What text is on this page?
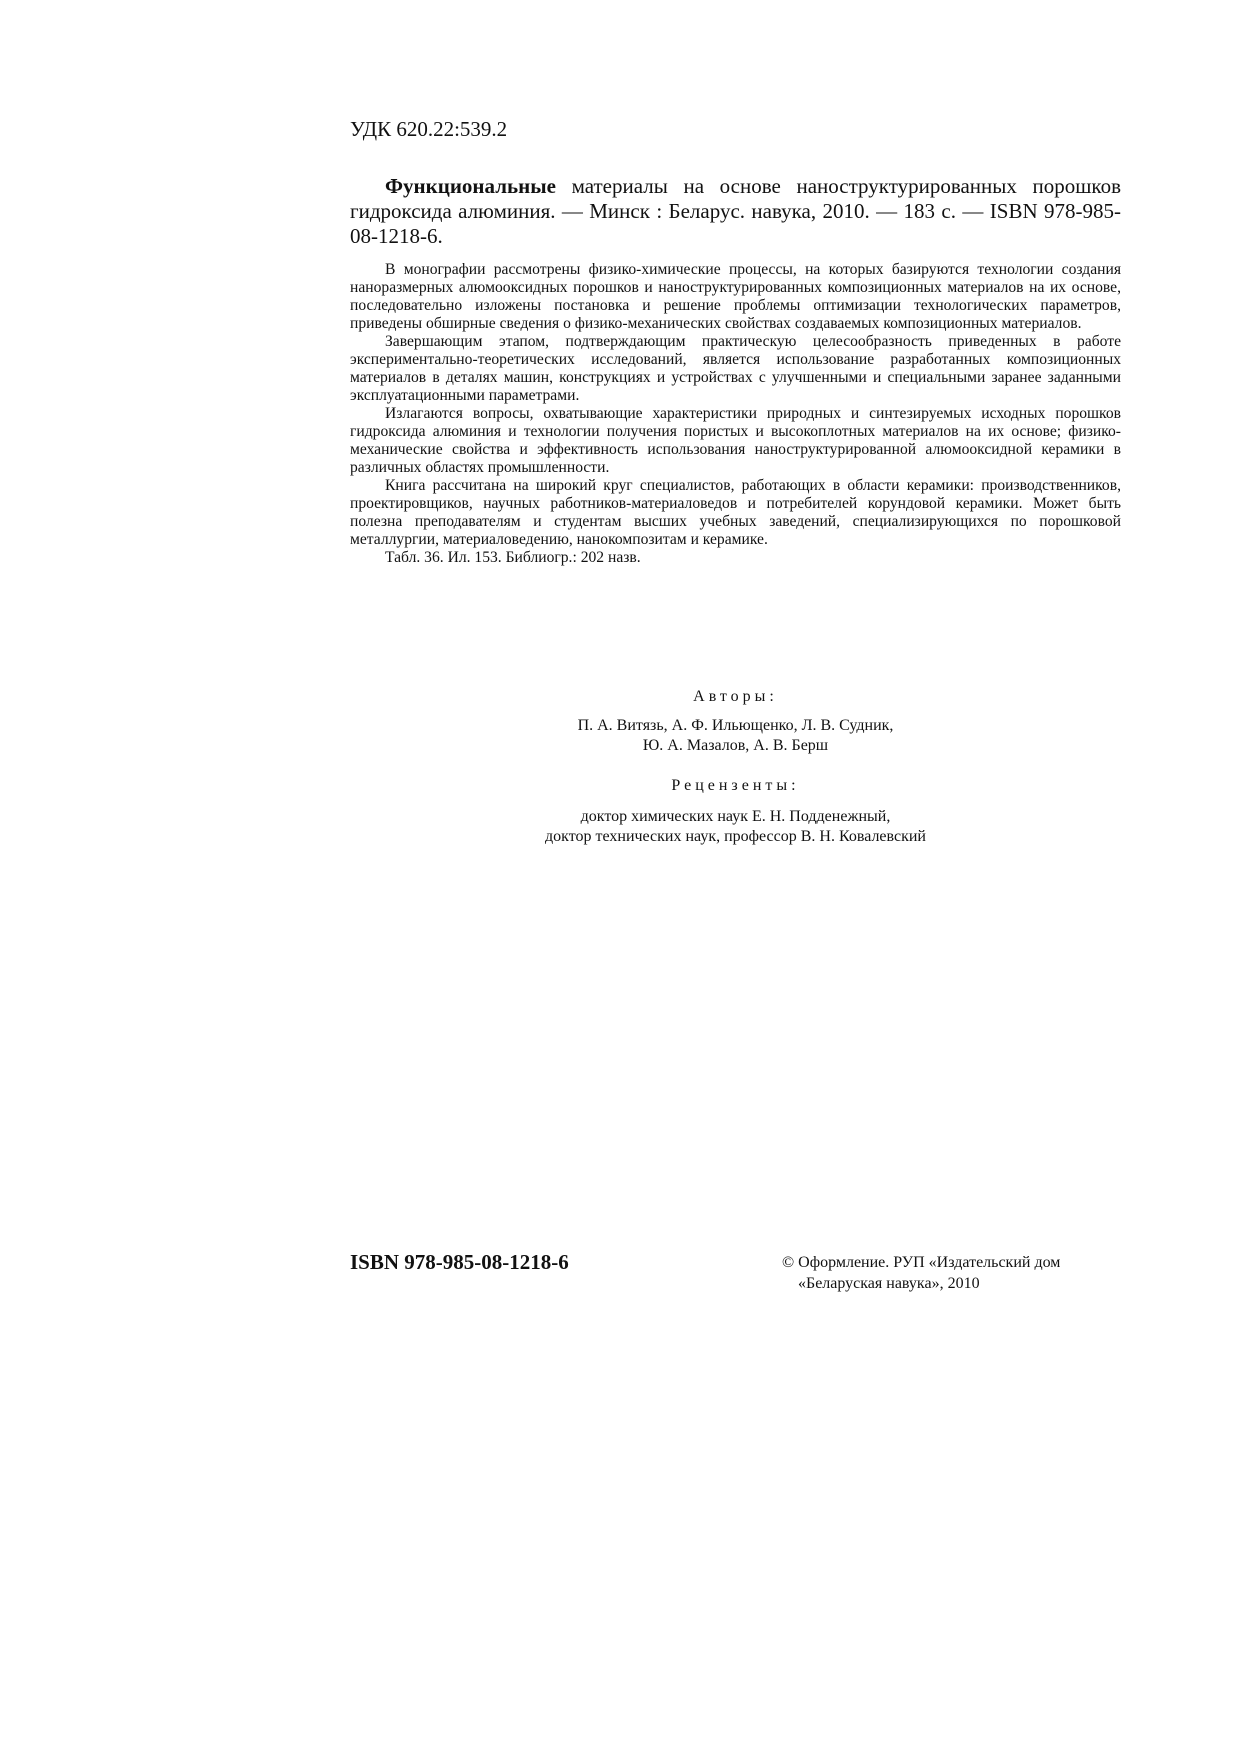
УДК 620.22:539.2
Функциональные материалы на основе наноструктурированных порошков гидроксида алюминия. — Минск : Беларус. навука, 2010. — 183 с. — ISBN 978-985-08-1218-6.

В монографии рассмотрены физико-химические процессы, на которых базируются технологии создания наноразмерных алюмооксидных порошков и наноструктурированных композиционных материалов на их основе, последовательно изложены постановка и решение проблемы оптимизации технологических параметров, приведены обширные сведения о физико-механических свойствах создаваемых композиционных материалов.

Завершающим этапом, подтверждающим практическую целесообразность приведенных в работе экспериментально-теоретических исследований, является использование разработанных композиционных материалов в деталях машин, конструкциях и устройствах с улучшенными и специальными заранее заданными эксплуатационными параметрами.

Излагаются вопросы, охватывающие характеристики природных и синтезируемых исходных порошков гидроксида алюминия и технологии получения пористых и высокоплотных материалов на их основе; физико-механические свойства и эффективность использования наноструктурированной алюмооксидной керамики в различных областях промышленности.

Книга рассчитана на широкий круг специалистов, работающих в области керамики: производственников, проектировщиков, научных работников-материаловедов и потребителей корундовой керамики. Может быть полезна преподавателям и студентам высших учебных заведений, специализирующихся по порошковой металлургии, материаловедению, нанокомпозитам и керамике.

Табл. 36. Ил. 153. Библиогр.: 202 назв.

Авторы:
П. А. Витязь, А. Ф. Ильющенко, Л. В. Судник,
Ю. А. Мазалов, А. В. Берш
Рецензенты:
доктор химических наук Е. Н. Подденежный,
доктор технических наук, профессор В. Н. Ковалевский
ISBN 978-985-08-1218-6	© Оформление. РУП «Издательский дом
«Беларуская навука», 2010
